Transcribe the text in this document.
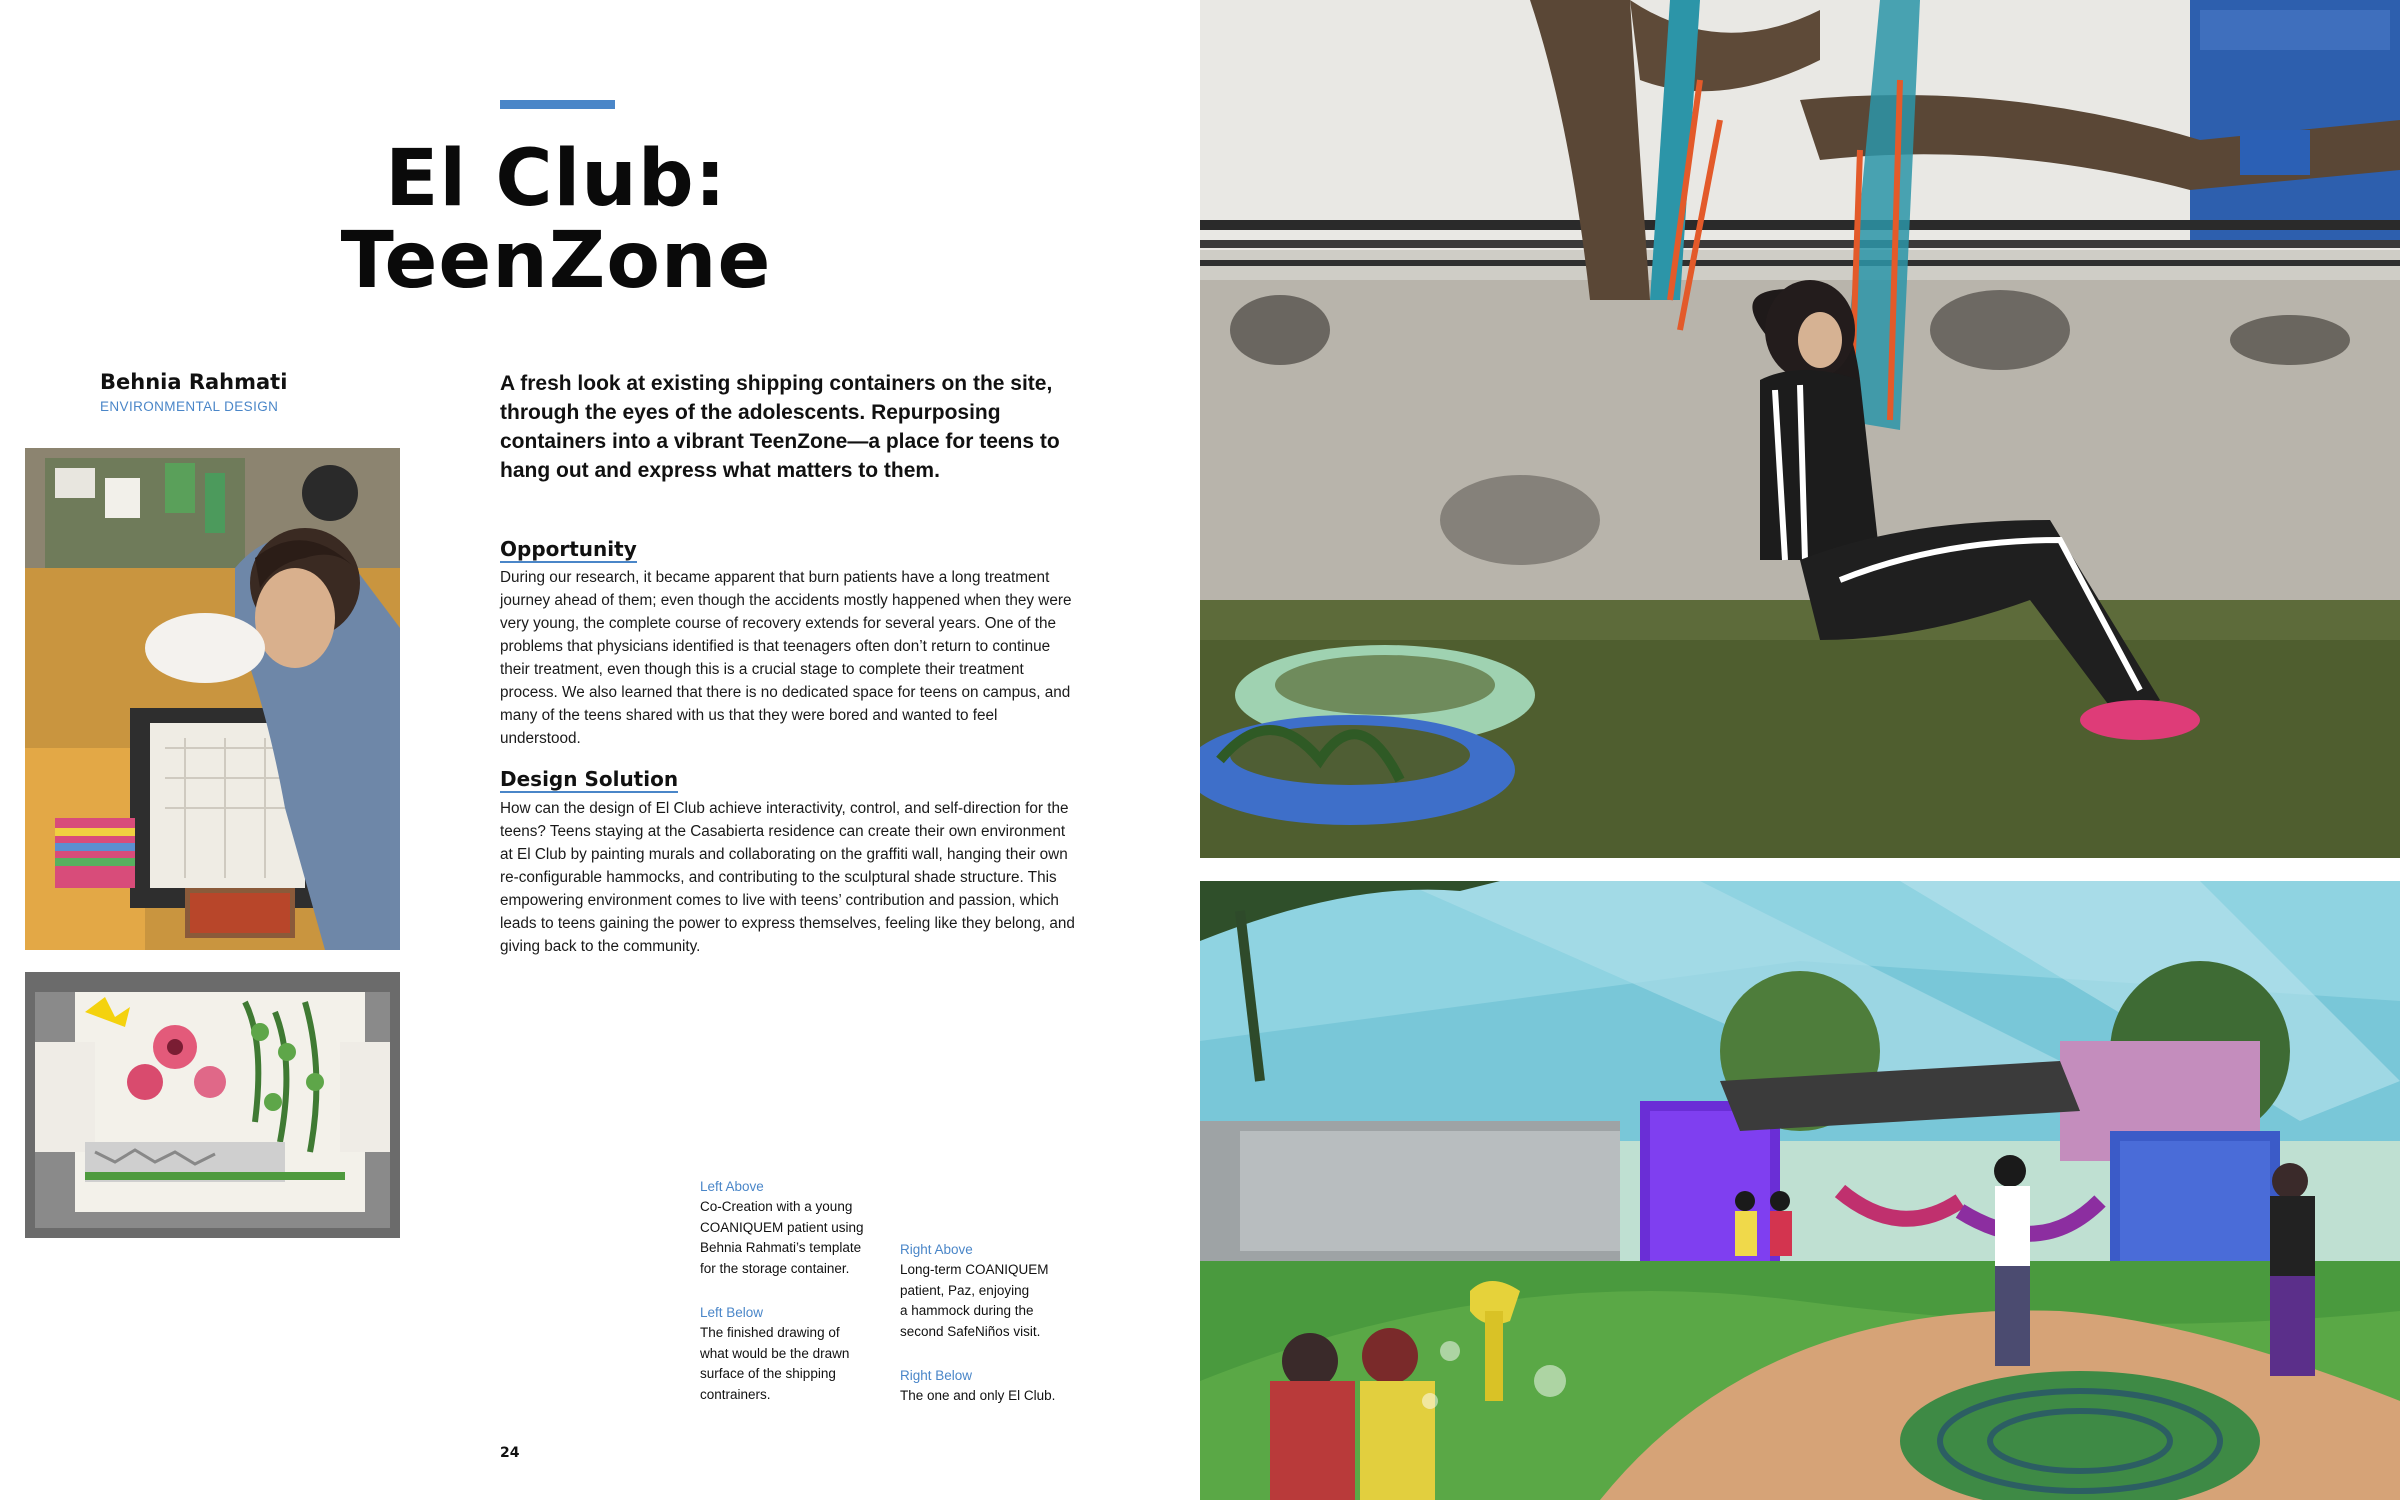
El Club:
TeenZone
Behnia Rahmati
ENVIRONMENTAL DESIGN
A fresh look at existing shipping containers on the site, through the eyes of the adolescents. Repurposing containers into a vibrant TeenZone—a place for teens to hang out and express what matters to them.
Opportunity
During our research, it became apparent that burn patients have a long treatment journey ahead of them; even though the accidents mostly happened when they were very young, the complete course of recovery extends for several years. One of the problems that physicians identified is that teenagers often don’t return to continue their treatment, even though this is a crucial stage to complete their treatment process. We also learned that there is no dedicated space for teens on campus, and many of the teens shared with us that they were bored and wanted to feel understood.
Design Solution
How can the design of El Club achieve interactivity, control, and self-direction for the teens? Teens staying at the Casabierta residence can create their own environment at El Club by painting murals and collaborating on the graffiti wall, hanging their own re-configurable hammocks, and contributing to the sculptural shade structure. This empowering environment comes to live with teens’ contribution and passion, which leads to teens gaining the power to express themselves, feeling like they belong, and giving back to the community.
Left Above
Co-Creation with a young
COANIQUEM patient using
Behnia Rahmati’s template
for the storage container.
Left Below
The finished drawing of
what would be the drawn
surface of the shipping
contrainers.
Right Above
Long-term COANIQUEM
patient, Paz, enjoying
a hammock during the
second SafeNiños visit.
Right Below
The one and only El Club.
24
